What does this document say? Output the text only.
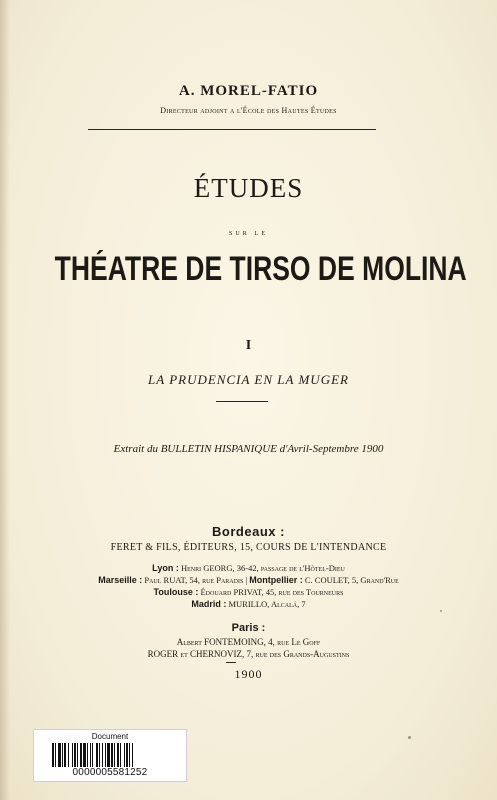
A. MOREL-FATIO
Directeur adjoint a l'École des Hautes Études
ÉTUDES
sur le
THÉATRE DE TIRSO DE MOLINA
I
LA PRUDENCIA EN LA MUGER
Extrait du BULLETIN HISPANIQUE d'Avril-Septembre 1900
Bordeaux :
FERET & FILS, ÉDITEURS, 15, COURS DE L'INTENDANCE
Lyon : Henri GEORG, 36-42, passage de l'Hôtel-Dieu
Marseille : Paul RUAT, 54, rue Paradis | Montpellier : C. COULET, 5, Grand'Rue
Toulouse : Édouard PRIVAT, 45, rue des Tourneurs
Madrid : MURILLO, Alcalá, 7
Paris :
Albert FONTEMOING, 4, rue Le Goff
ROGER et CHERNOVIZ, 7, rue des Grands-Augustins
1900
Document
0000005581252
